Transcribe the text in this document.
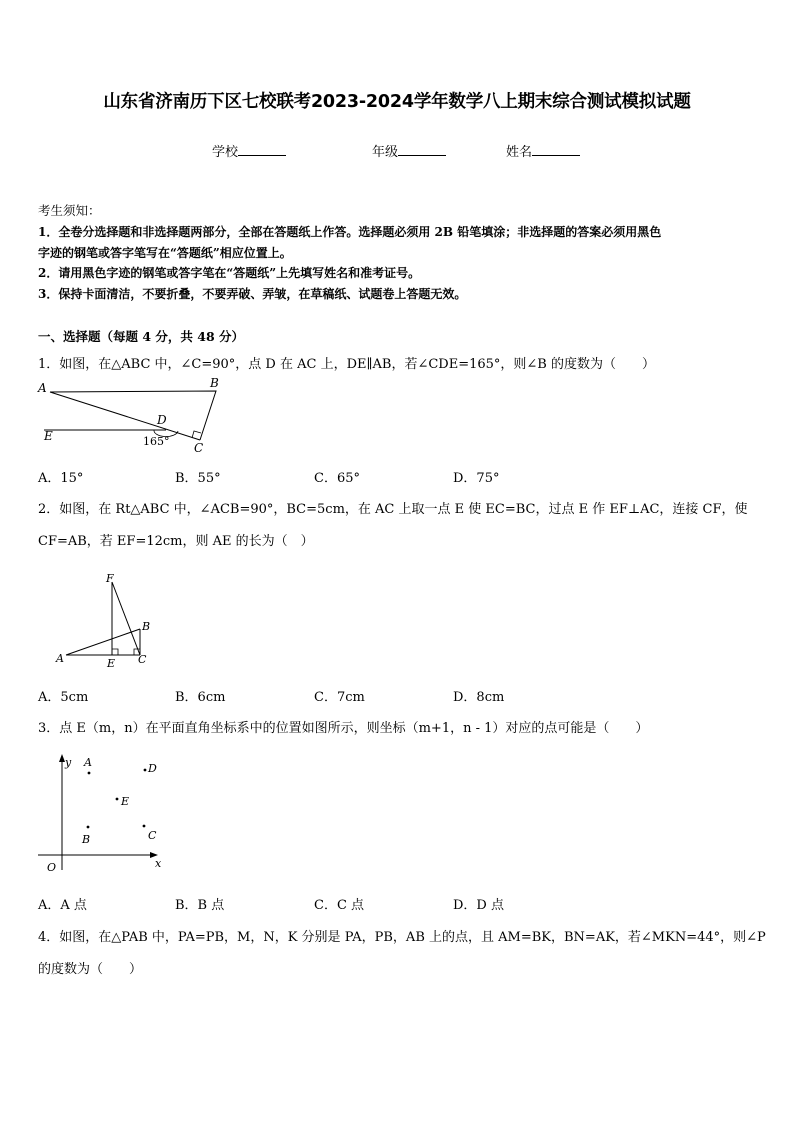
山东省济南历下区七校联考2023-2024学年数学八上期末综合测试模拟试题
学校	年级	姓名
考生须知：
1．全卷分选择题和非选择题两部分，全部在答题纸上作答。选择题必须用 2B 铅笔填涂；非选择题的答案必须用黑色
字迹的钢笔或答字笔写在“答题纸”相应位置上。
2．请用黑色字迹的钢笔或答字笔在“答题纸”上先填写姓名和准考证号。
3．保持卡面清洁，不要折叠，不要弄破、弄皱，在草稿纸、试题卷上答题无效。
一、选择题（每题 4 分，共 48 分）
1．如图，在△ABC 中，∠C=90°，点 D 在 AC 上，DE∥AB，若∠CDE=165°，则∠B 的度数为（　　）
A	B
C
D
E	165°
A．15°	B．55°	C．65°	D．75°
2．如图，在 Rt△ABC 中，∠ACB=90°，BC=5cm，在 AC 上取一点 E 使 EC=BC，过点 E 作 EF⊥AC，连接 CF，使
CF=AB，若 EF=12cm，则 AE 的长为（　）
F
B
A	E C
A．5cm	B．6cm	C．7cm	D．8cm
3．点 E（m，n）在平面直角坐标系中的位置如图所示，则坐标（m+1，n - 1）对应的点可能是（　　）
y
x
O
A	D
E
B	C
A．A 点	B．B 点	C．C 点	D．D 点
4．如图，在△PAB 中，PA=PB，M，N，K 分别是 PA，PB，AB 上的点，且 AM=BK，BN=AK，若∠MKN=44°，则∠P
的度数为（　　）
